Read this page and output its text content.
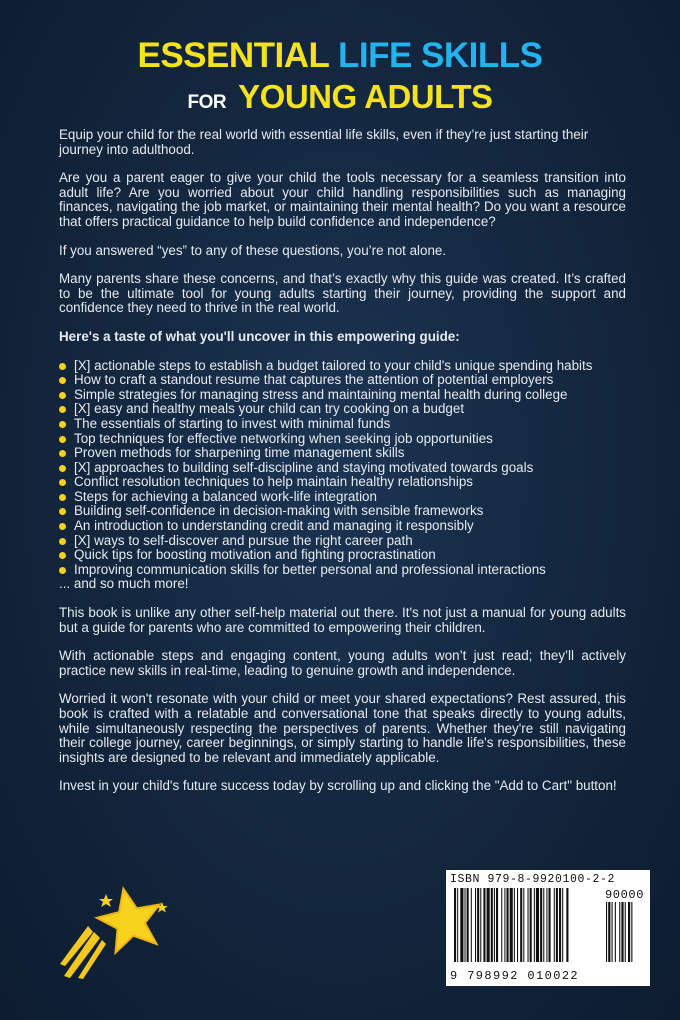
ESSENTIAL LIFE SKILLS
FOR YOUNG ADULTS

Equip your child for the real world with essential life skills, even if they’re just starting their journey into adulthood.

Are you a parent eager to give your child the tools necessary for a seamless transition into adult life? Are you worried about your child handling responsibilities such as managing finances, navigating the job market, or maintaining their mental health? Do you want a resource that offers practical guidance to help build confidence and independence?

If you answered “yes” to any of these questions, you’re not alone.

Many parents share these concerns, and that’s exactly why this guide was created. It’s crafted to be the ultimate tool for young adults starting their journey, providing the support and confidence they need to thrive in the real world.

Here's a taste of what you'll uncover in this empowering guide:

[X] actionable steps to establish a budget tailored to your child's unique spending habits
How to craft a standout resume that captures the attention of potential employers
Simple strategies for managing stress and maintaining mental health during college
[X] easy and healthy meals your child can try cooking on a budget
The essentials of starting to invest with minimal funds
Top techniques for effective networking when seeking job opportunities
Proven methods for sharpening time management skills
[X] approaches to building self-discipline and staying motivated towards goals
Conflict resolution techniques to help maintain healthy relationships
Steps for achieving a balanced work-life integration
Building self-confidence in decision-making with sensible frameworks
An introduction to understanding credit and managing it responsibly
[X] ways to self-discover and pursue the right career path
Quick tips for boosting motivation and fighting procrastination
Improving communication skills for better personal and professional interactions
... and so much more!

This book is unlike any other self-help material out there. It's not just a manual for young adults but a guide for parents who are committed to empowering their children.

With actionable steps and engaging content, young adults won’t just read; they’ll actively practice new skills in real-time, leading to genuine growth and independence.

Worried it won't resonate with your child or meet your shared expectations? Rest assured, this book is crafted with a relatable and conversational tone that speaks directly to young adults, while simultaneously respecting the perspectives of parents. Whether they're still navigating their college journey, career beginnings, or simply starting to handle life's responsibilities, these insights are designed to be relevant and immediately applicable.

Invest in your child's future success today by scrolling up and clicking the "Add to Cart" button!

ISBN 979-8-9920100-2-2
90000
9 798992 010022
